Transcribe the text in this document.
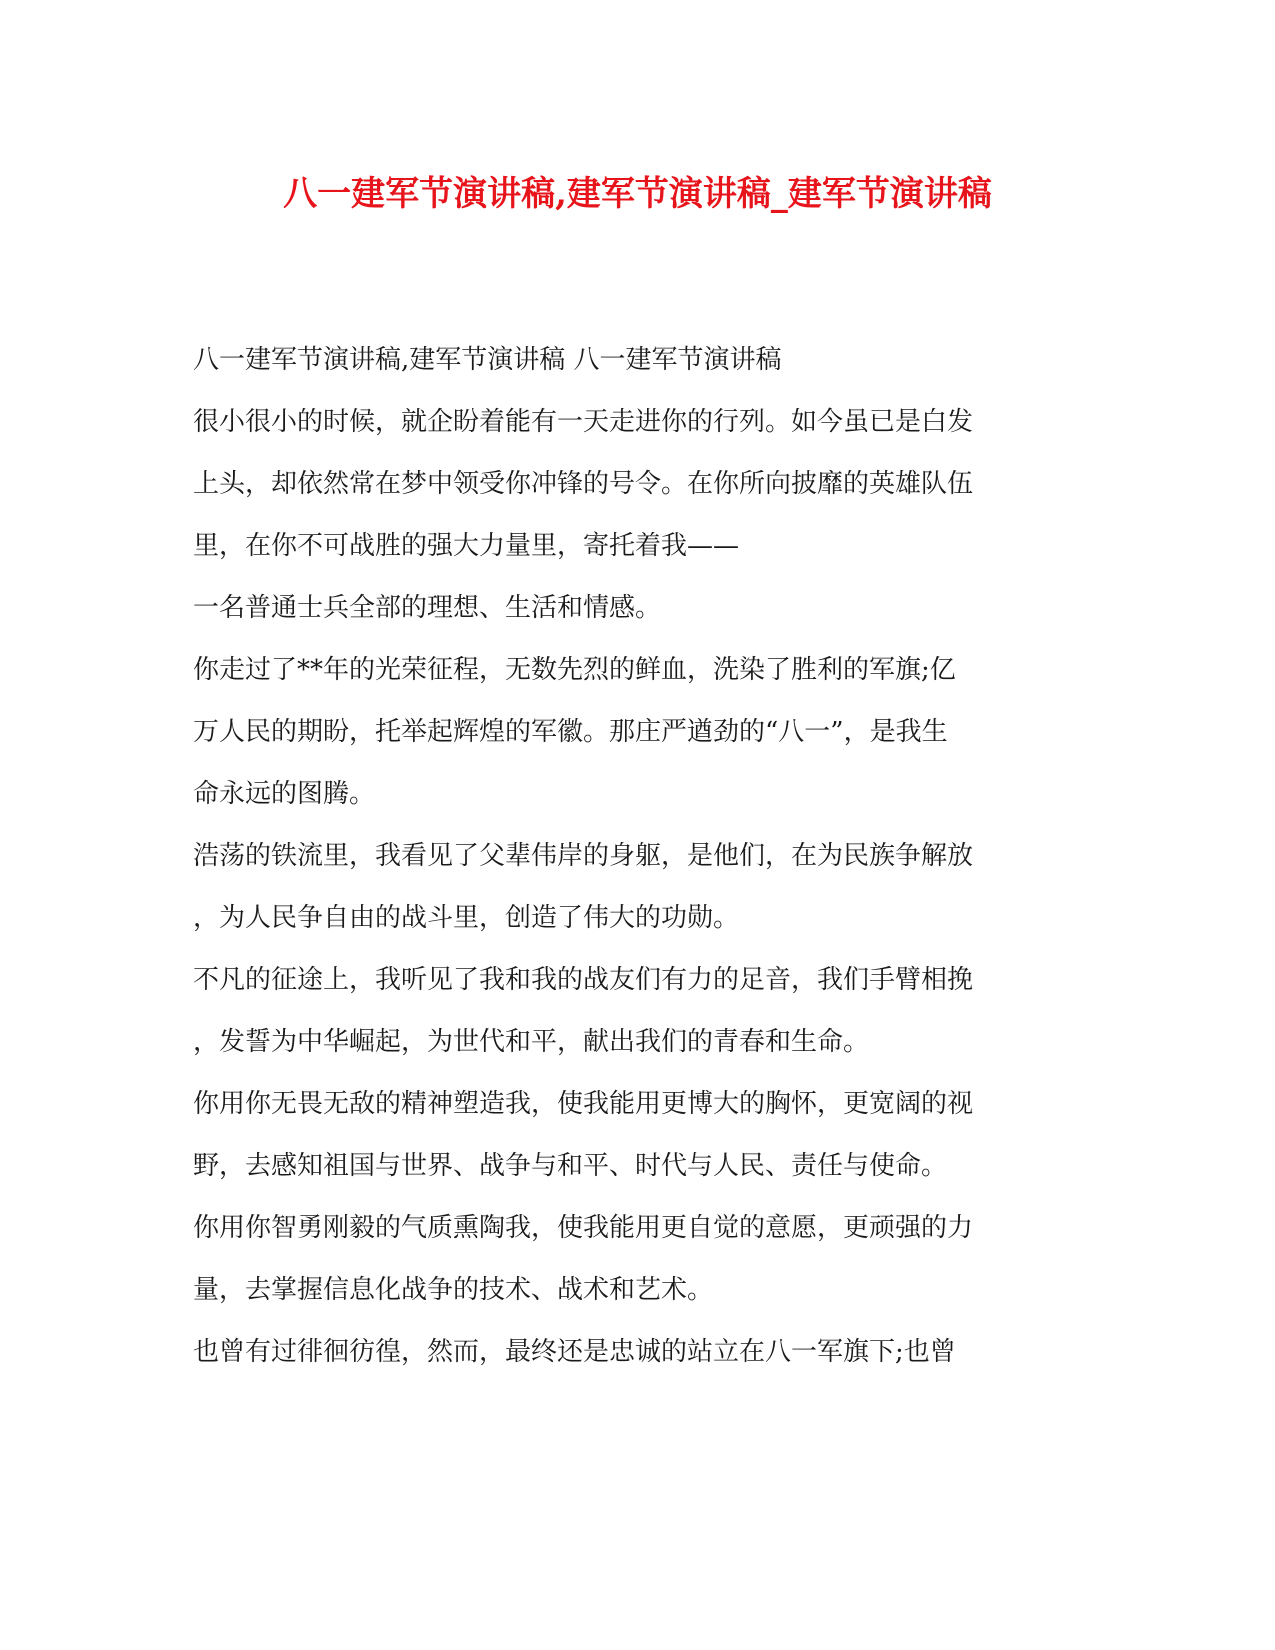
八一建军节演讲稿,建军节演讲稿_建军节演讲稿
八一建军节演讲稿,建军节演讲稿 八一建军节演讲稿
很小很小的时候，就企盼着能有一天走进你的行列。如今虽已是白发
上头，却依然常在梦中领受你冲锋的号令。在你所向披靡的英雄队伍
里，在你不可战胜的强大力量里，寄托着我——
一名普通士兵全部的理想、生活和情感。
你走过了**年的光荣征程，无数先烈的鲜血，洗染了胜利的军旗;亿
万人民的期盼，托举起辉煌的军徽。那庄严遒劲的“八一”，是我生
命永远的图腾。
浩荡的铁流里，我看见了父辈伟岸的身躯，是他们，在为民族争解放
，为人民争自由的战斗里，创造了伟大的功勋。
不凡的征途上，我听见了我和我的战友们有力的足音，我们手臂相挽
，发誓为中华崛起，为世代和平，献出我们的青春和生命。
你用你无畏无敌的精神塑造我，使我能用更博大的胸怀，更宽阔的视
野，去感知祖国与世界、战争与和平、时代与人民、责任与使命。
你用你智勇刚毅的气质熏陶我，使我能用更自觉的意愿，更顽强的力
量，去掌握信息化战争的技术、战术和艺术。
也曾有过徘徊彷徨，然而，最终还是忠诚的站立在八一军旗下;也曾
